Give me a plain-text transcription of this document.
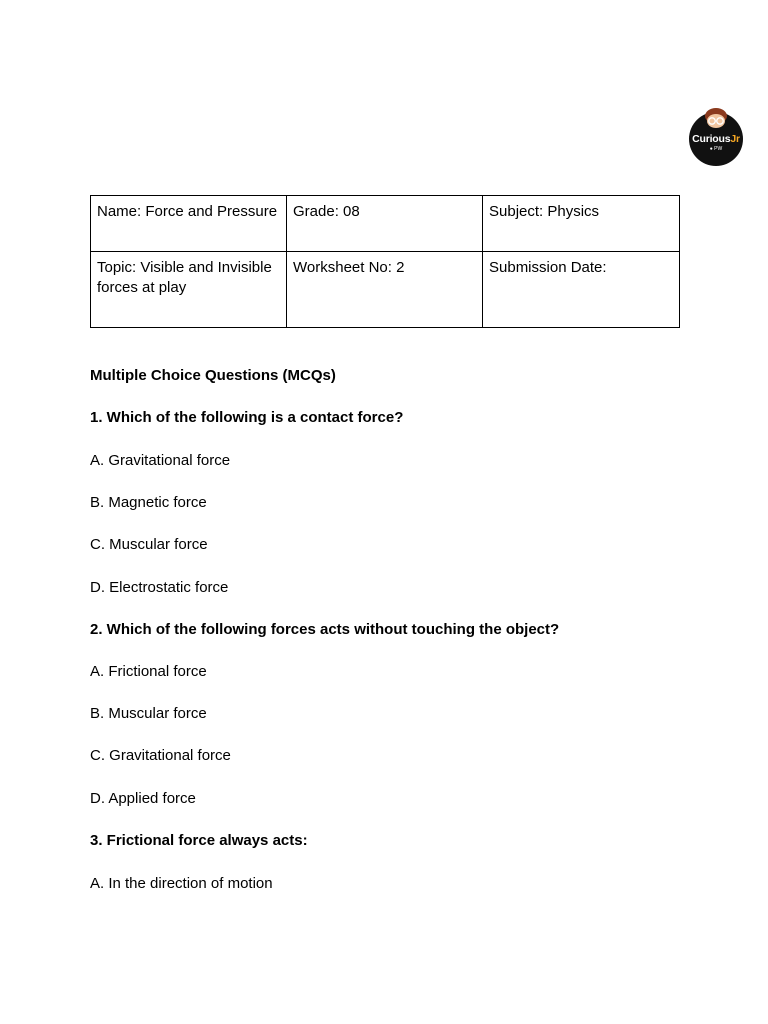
CuriousJr
● PW
Name: Force and Pressure	Grade: 08	Subject: Physics
Topic: Visible and Invisible forces at play	Worksheet No: 2	Submission Date:
Multiple Choice Questions (MCQs)
1. Which of the following is a contact force?
A. Gravitational force
B. Magnetic force
C. Muscular force
D. Electrostatic force
2. Which of the following forces acts without touching the object?
A. Frictional force
B. Muscular force
C. Gravitational force
D. Applied force
3. Frictional force always acts:
A. In the direction of motion
